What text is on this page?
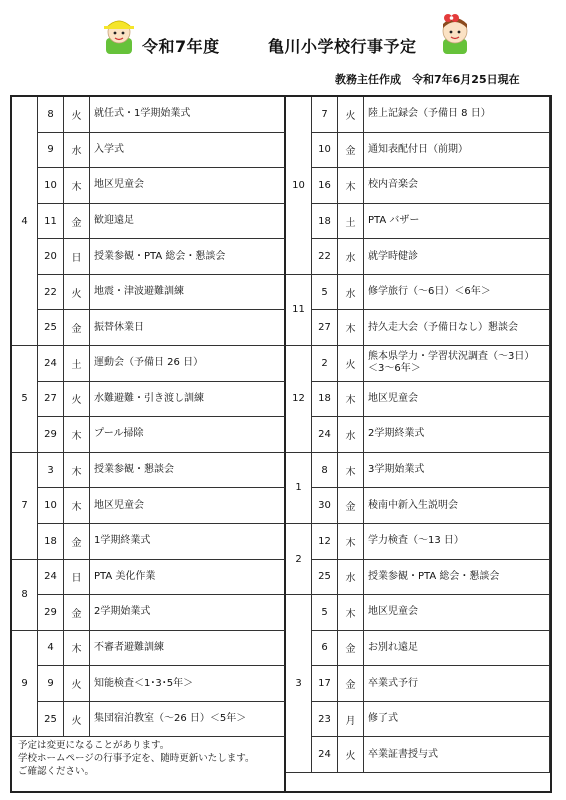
令和7年度	亀川小学校行事予定
教務主任作成　令和7年6月25日現在
4
8	火	就任式・1学期始業式
9	水	入学式
10	木	地区児童会
11	金	歓迎遠足
20	日	授業参観・PTA 総会・懇談会
22	火	地震・津波避難訓練
25	金	振替休業日
5
24	土	運動会（予備日 26 日）
27	火	水難避難・引き渡し訓練
29	木	プール掃除
7
3	木	授業参観・懇談会
10	木	地区児童会
18	金	1学期終業式
8
24	日	PTA 美化作業
29	金	2学期始業式
9
4	木	不審者避難訓練
9	火	知能検査＜1･3･5年＞
25	火	集団宿泊教室（～26 日）＜5年＞
予定は変更になることがあります。
学校ホームページの行事予定を、随時更新いたします。
ご確認ください。
10
7	火	陸上記録会（予備日 8 日）
10	金	通知表配付日（前期）
16	木	校内音楽会
18	土	PTA バザー
22	水	就学時健診
11
5	水	修学旅行（～6日）＜6年＞
27	木	持久走大会（予備日なし）懇談会
12
2	火
熊本県学力・学習状況調査（～3日）
＜3～6年＞
18	木	地区児童会
24	水	2学期終業式
1
8	木	3学期始業式
30	金	稜南中新入生説明会
2
12	木	学力検査（～13 日）
25	水	授業参観・PTA 総会・懇談会
3
5	木	地区児童会
6	金	お別れ遠足
17	金	卒業式予行
23	月	修了式
24	火	卒業証書授与式
